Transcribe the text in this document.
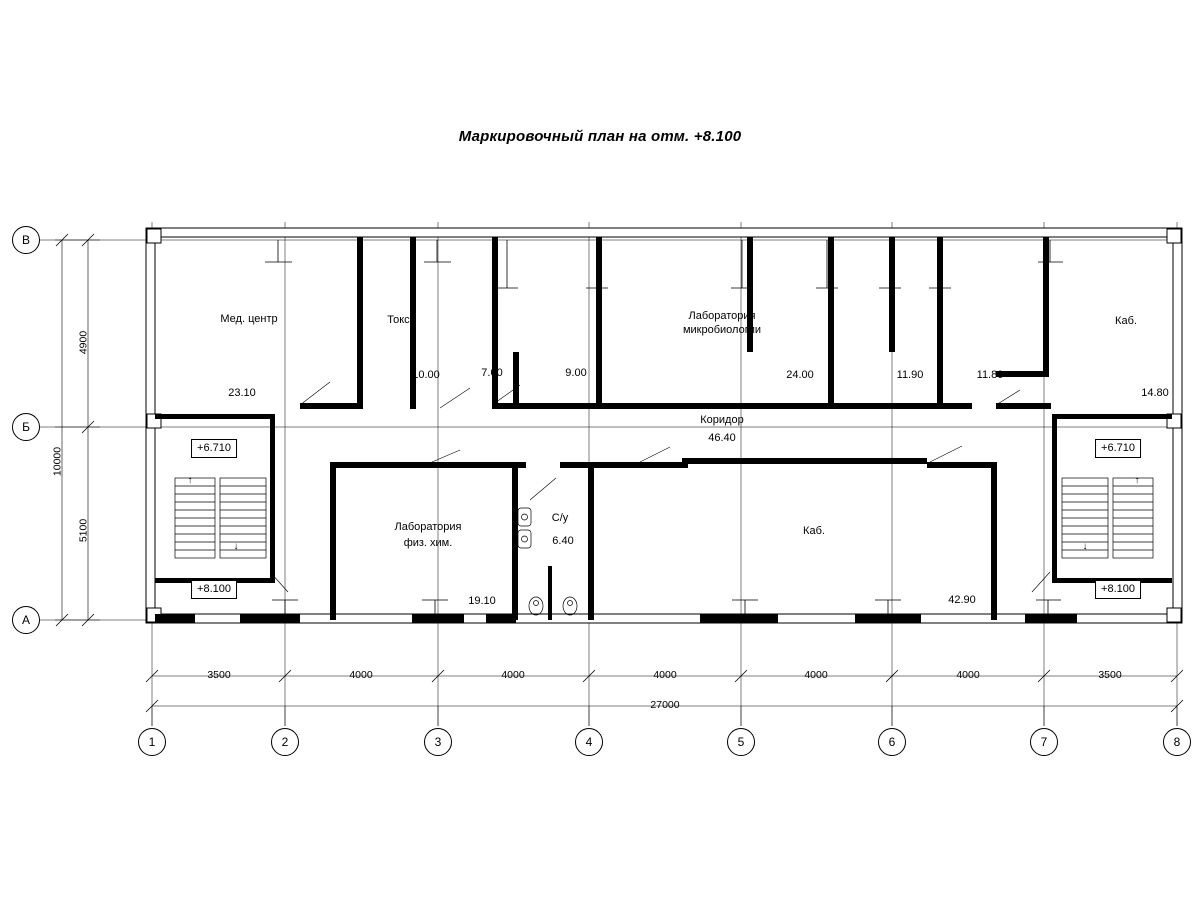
Маркировочный план на отм. +8.100
Мед. центр
23.10
Токс.
10.00	7.00	9.00
Лаборатория
микробиологии
24.00	11.90	11.80
Каб.
14.80
Коридор
46.40
Лаборатория
физ. хим.
19.10
С/у
6.40
Каб.
42.90
+6.710
+8.100
+6.710
+8.100
↑
↓	↓
↑
3500	4000	4000	4000	4000	4000	3500
27000
4900
5100
10000
В
Б
А
1	2	3	4	5	6	7	8
